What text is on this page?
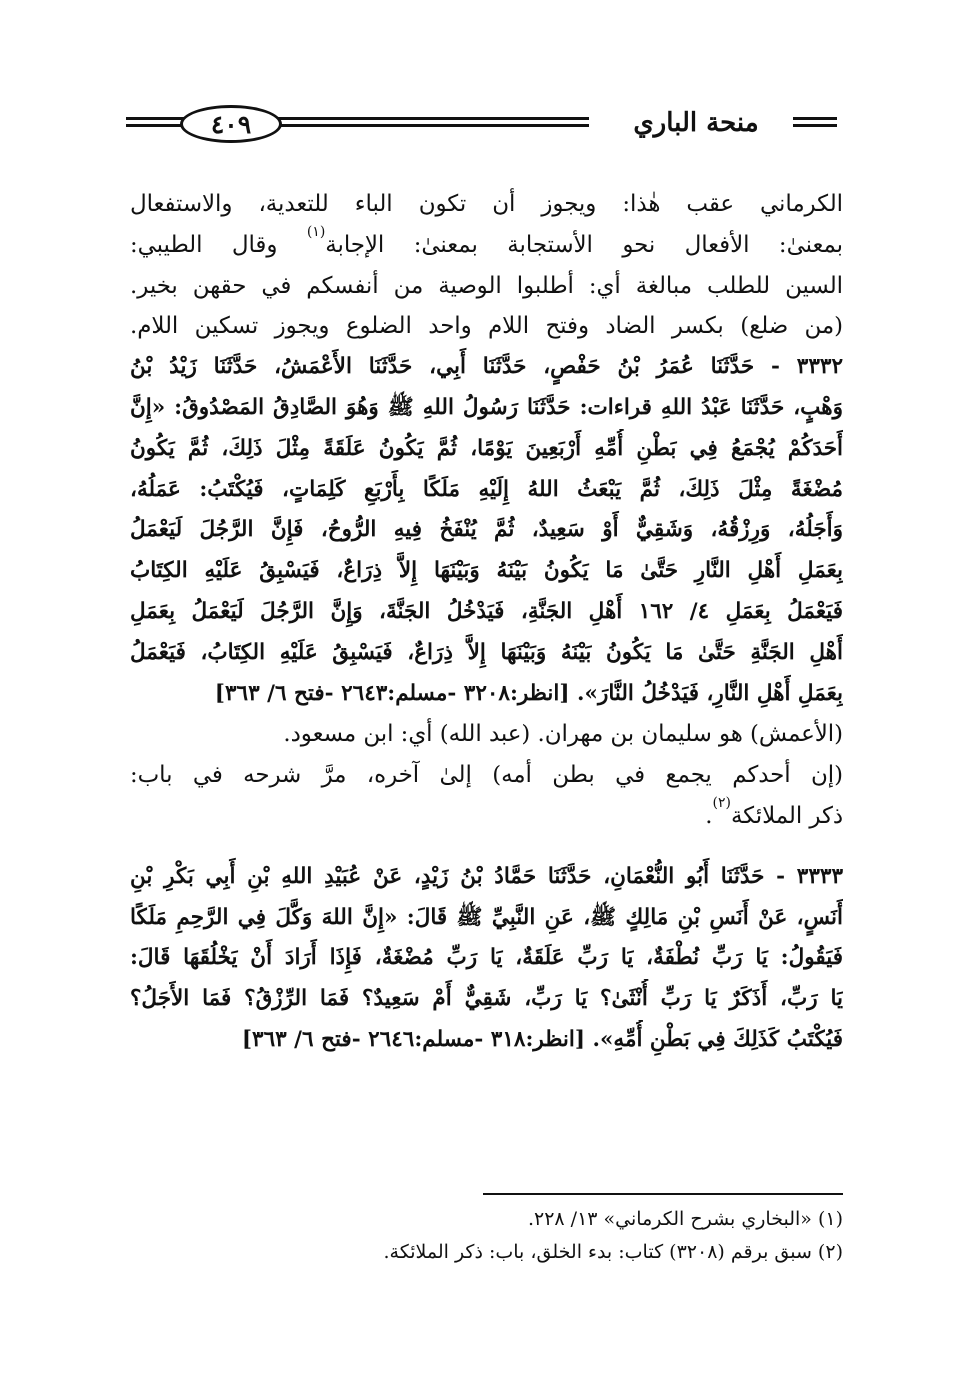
٤٠٩	منحة الباري
الكرماني عقب هٰذا: ويجوز أن تكون الباء للتعدية، والاستفعال
بمعنىٰ: الأفعال نحو الأستجابة بمعنىٰ: الإجابة$^{(١)}$ وقال الطيبي:
السين للطلب مبالغة أي: أطلبوا الوصية من أنفسكم في حقهن بخير.
(من ضلع) بكسر الضاد وفتح اللام واحد الضلوع ويجوز تسكين اللام.
٣٣٣٢ - حَدَّثَنَا عُمَرُ بْنُ حَفْصٍ، حَدَّثَنَا أَبِي، حَدَّثَنَا الأَعْمَشُ، حَدَّثَنَا زَيْدُ بْنُ
وَهْبٍ، حَدَّثَنَا عَبْدُ اللهِ قراءات: حَدَّثَنَا رَسُولُ اللهِ ﷺ وَهُوَ الصَّادِقُ المَصْدُوقُ: «إِنَّ
أَحَدَكُمْ يُجْمَعُ فِي بَطْنِ أُمِّهِ أَرْبَعِينَ يَوْمًا، ثُمَّ يَكُونُ عَلَقَةً مِثْلَ ذَلِكَ، ثُمَّ يَكُونُ
مُضْغَةً مِثْلَ ذَلِكَ، ثُمَّ يَبْعَثُ اللهُ إِلَيْهِ مَلَكًا بِأَرْبَعِ كَلِمَاتٍ، فَيُكْتَبُ: عَمَلُهُ،
وَأَجَلُهُ، وَرِزْقُهُ، وَشَقِيٌّ أَوْ سَعِيدٌ، ثُمَّ يُنْفَخُ فِيهِ الرُّوحُ، فَإِنَّ الرَّجُلَ لَيَعْمَلُ
بِعَمَلِ أَهْلِ النَّارِ حَتَّىٰ مَا يَكُونُ بَيْنَهُ وَبَيْنَهَا إِلاَّ ذِرَاعٌ، فَيَسْبِقُ عَلَيْهِ الكِتَابُ
فَيَعْمَلُ بِعَمَلِ ٤/ ١٦٢ أَهْلِ الجَنَّةِ، فَيَدْخُلُ الجَنَّةَ، وَإِنَّ الرَّجُلَ لَيَعْمَلُ بِعَمَلِ
أَهْلِ الجَنَّةِ حَتَّىٰ مَا يَكُونُ بَيْنَهُ وَبَيْنَهَا إِلاَّ ذِرَاعٌ، فَيَسْبِقُ عَلَيْهِ الكِتَابُ، فَيَعْمَلُ
بِعَمَلِ أَهْلِ النَّارِ، فَيَدْخُلُ النَّارَ». [انظر:٣٢٠٨ -مسلم:٢٦٤٣ -فتح ٦/ ٣٦٣]
(الأعمش) هو سليمان بن مهران. (عبد الله) أي: ابن مسعود.
(إن أحدكم يجمع في بطن أمه) إلىٰ آخره، مرَّ شرحه في باب:
ذكر الملائكة$^{(٢)}$.
٣٣٣٣ - حَدَّثَنَا أَبُو النُّعْمَانِ، حَدَّثَنَا حَمَّادُ بْنُ زَيْدٍ، عَنْ عُبَيْدِ اللهِ بْنِ أَبِي بَكْرِ بْنِ
أَنَسٍ، عَنْ أَنَسِ بْنِ مَالِكٍ ﷺ، عَنِ النَّبِيِّ ﷺ قَالَ: «إِنَّ اللهَ وَكَّلَ فِي الرَّحِمِ مَلَكًا
فَيَقُولُ: يَا رَبِّ نُطْفَةٌ، يَا رَبِّ عَلَقَةٌ، يَا رَبِّ مُضْغَةٌ، فَإِذَا أَرَادَ أَنْ يَخْلُقَهَا قَالَ:
يَا رَبِّ، أَذَكَرٌ يَا رَبِّ أُنْثَىٰ؟ يَا رَبِّ، شَقِيٌّ أَمْ سَعِيدٌ؟ فَمَا الرِّزْقُ؟ فَمَا الأَجَلُ؟
فَيُكْتَبُ كَذَلِكَ فِي بَطْنِ أُمِّهِ». [انظر:٣١٨ -مسلم:٢٦٤٦ -فتح ٦/ ٣٦٣]
(١) «البخاري بشرح الكرماني» ١٣/ ٢٢٨.
(٢) سبق برقم (٣٢٠٨) كتاب: بدء الخلق، باب: ذكر الملائكة.
